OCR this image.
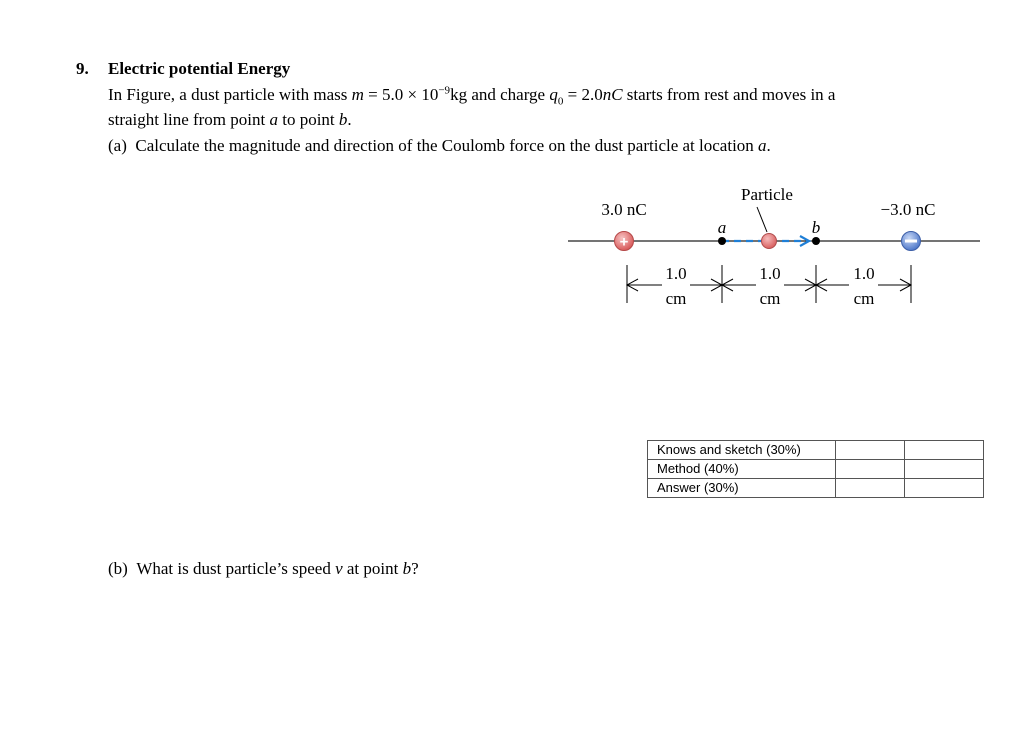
9. Electric potential Energy
In Figure, a dust particle with mass $m = 5.0 \times 10^{-9}kg$ and charge $q_0 = 2.0nC$ starts from rest and moves in a
straight line from point a to point b.
(a) Calculate the magnitude and direction of the Coulomb force on the dust particle at location a.
(b) What is dust particle’s speed v at point b?
+
Particle
3.0 nC	−3.0 nC
a	b
1.0
cm
1.0
cm
1.0
cm
Knows and sketch (30%)		
Method (40%)		
Answer (30%)		
